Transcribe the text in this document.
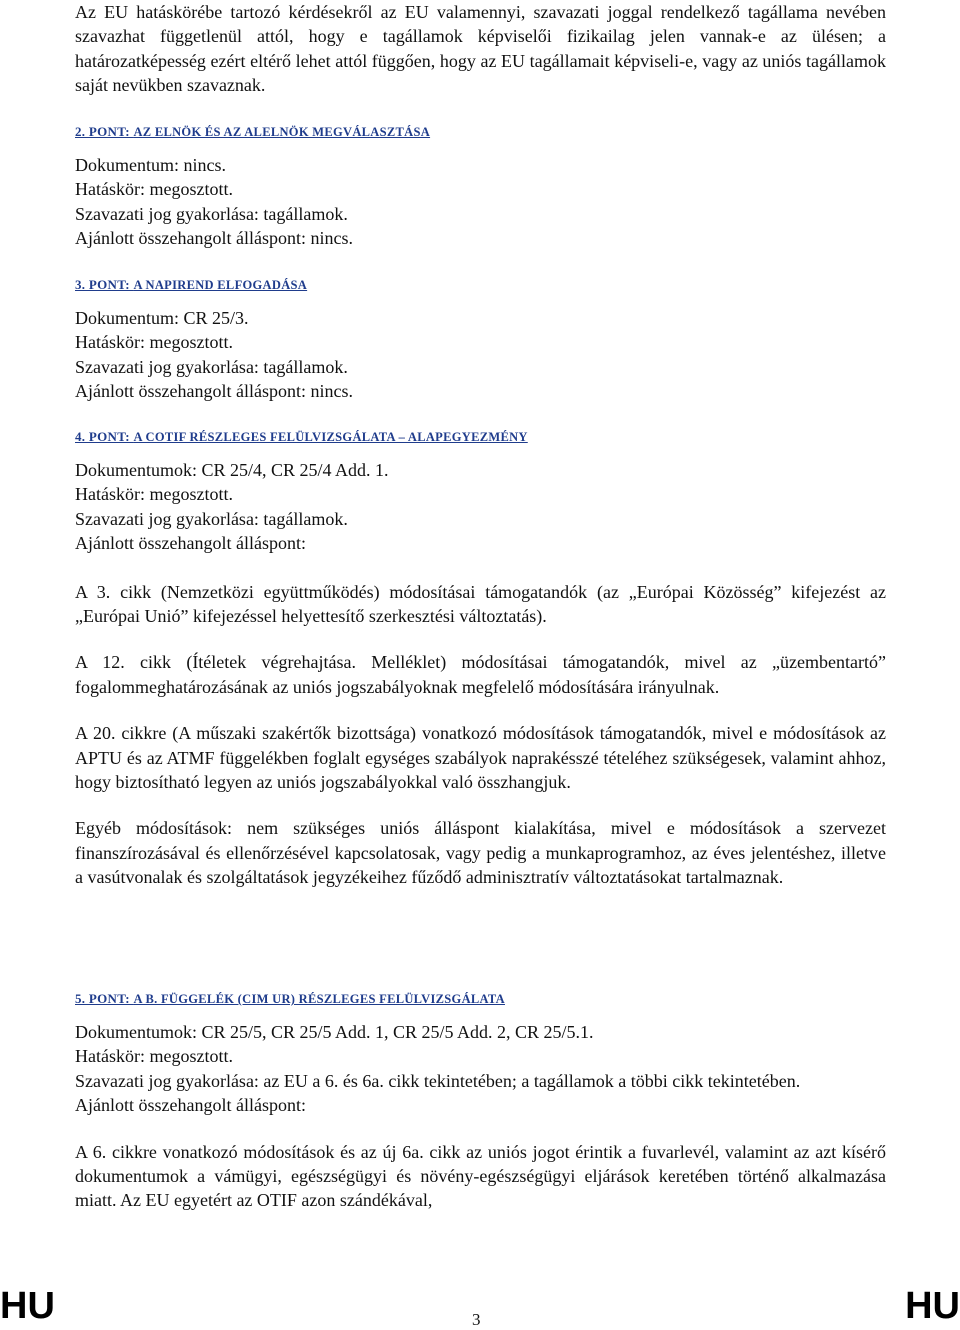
Az EU hatáskörébe tartozó kérdésekről az EU valamennyi, szavazati joggal rendelkező tagállama nevében szavazhat függetlenül attól, hogy e tagállamok képviselői fizikailag jelen vannak-e az ülésen; a határozatképesség ezért eltérő lehet attól függően, hogy az EU tagállamait képviseli-e, vagy az uniós tagállamok saját nevükben szavaznak.

2. PONT: AZ ELNÖK ÉS AZ ALELNÖK MEGVÁLASZTÁSA

Dokumentum: nincs.

Hatáskör: megosztott.

Szavazati jog gyakorlása: tagállamok.

Ajánlott összehangolt álláspont: nincs.

3. PONT: A NAPIREND ELFOGADÁSA

Dokumentum: CR 25/3.

Hatáskör: megosztott.

Szavazati jog gyakorlása: tagállamok.

Ajánlott összehangolt álláspont: nincs.

4. PONT: A COTIF RÉSZLEGES FELÜLVIZSGÁLATA – ALAPEGYEZMÉNY

Dokumentumok: CR 25/4, CR 25/4 Add. 1.

Hatáskör: megosztott.

Szavazati jog gyakorlása: tagállamok.

Ajánlott összehangolt álláspont:

A 3. cikk (Nemzetközi együttműködés) módosításai támogatandók (az „Európai Közösség” kifejezést az „Európai Unió” kifejezéssel helyettesítő szerkesztési változtatás).

A 12. cikk (Ítéletek végrehajtása. Melléklet) módosításai támogatandók, mivel az „üzembentartó” fogalommeghatározásának az uniós jogszabályoknak megfelelő módosítására irányulnak.

A 20. cikkre (A műszaki szakértők bizottsága) vonatkozó módosítások támogatandók, mivel e módosítások az APTU és az ATMF függelékben foglalt egységes szabályok naprakésszé tételéhez szükségesek, valamint ahhoz, hogy biztosítható legyen az uniós jogszabályokkal való összhangjuk.

Egyéb módosítások: nem szükséges uniós álláspont kialakítása, mivel e módosítások a szervezet finanszírozásával és ellenőrzésével kapcsolatosak, vagy pedig a munkaprogramhoz, az éves jelentéshez, illetve a vasútvonalak és szolgáltatások jegyzékeihez fűződő adminisztratív változtatásokat tartalmaznak.

5. PONT: A B. FÜGGELÉK (CIM UR) RÉSZLEGES FELÜLVIZSGÁLATA

Dokumentumok: CR 25/5, CR 25/5 Add. 1, CR 25/5 Add. 2, CR 25/5.1.

Hatáskör: megosztott.

Szavazati jog gyakorlása: az EU a 6. és 6a. cikk tekintetében; a tagállamok a többi cikk tekintetében.

Ajánlott összehangolt álláspont:

A 6. cikkre vonatkozó módosítások és az új 6a. cikk az uniós jogot érintik a fuvarlevél, valamint az azt kísérő dokumentumok a vámügyi, egészségügyi és növény-egészségügyi eljárások keretében történő alkalmazása miatt. Az EU egyetért az OTIF azon szándékával,

HU	3	HU
